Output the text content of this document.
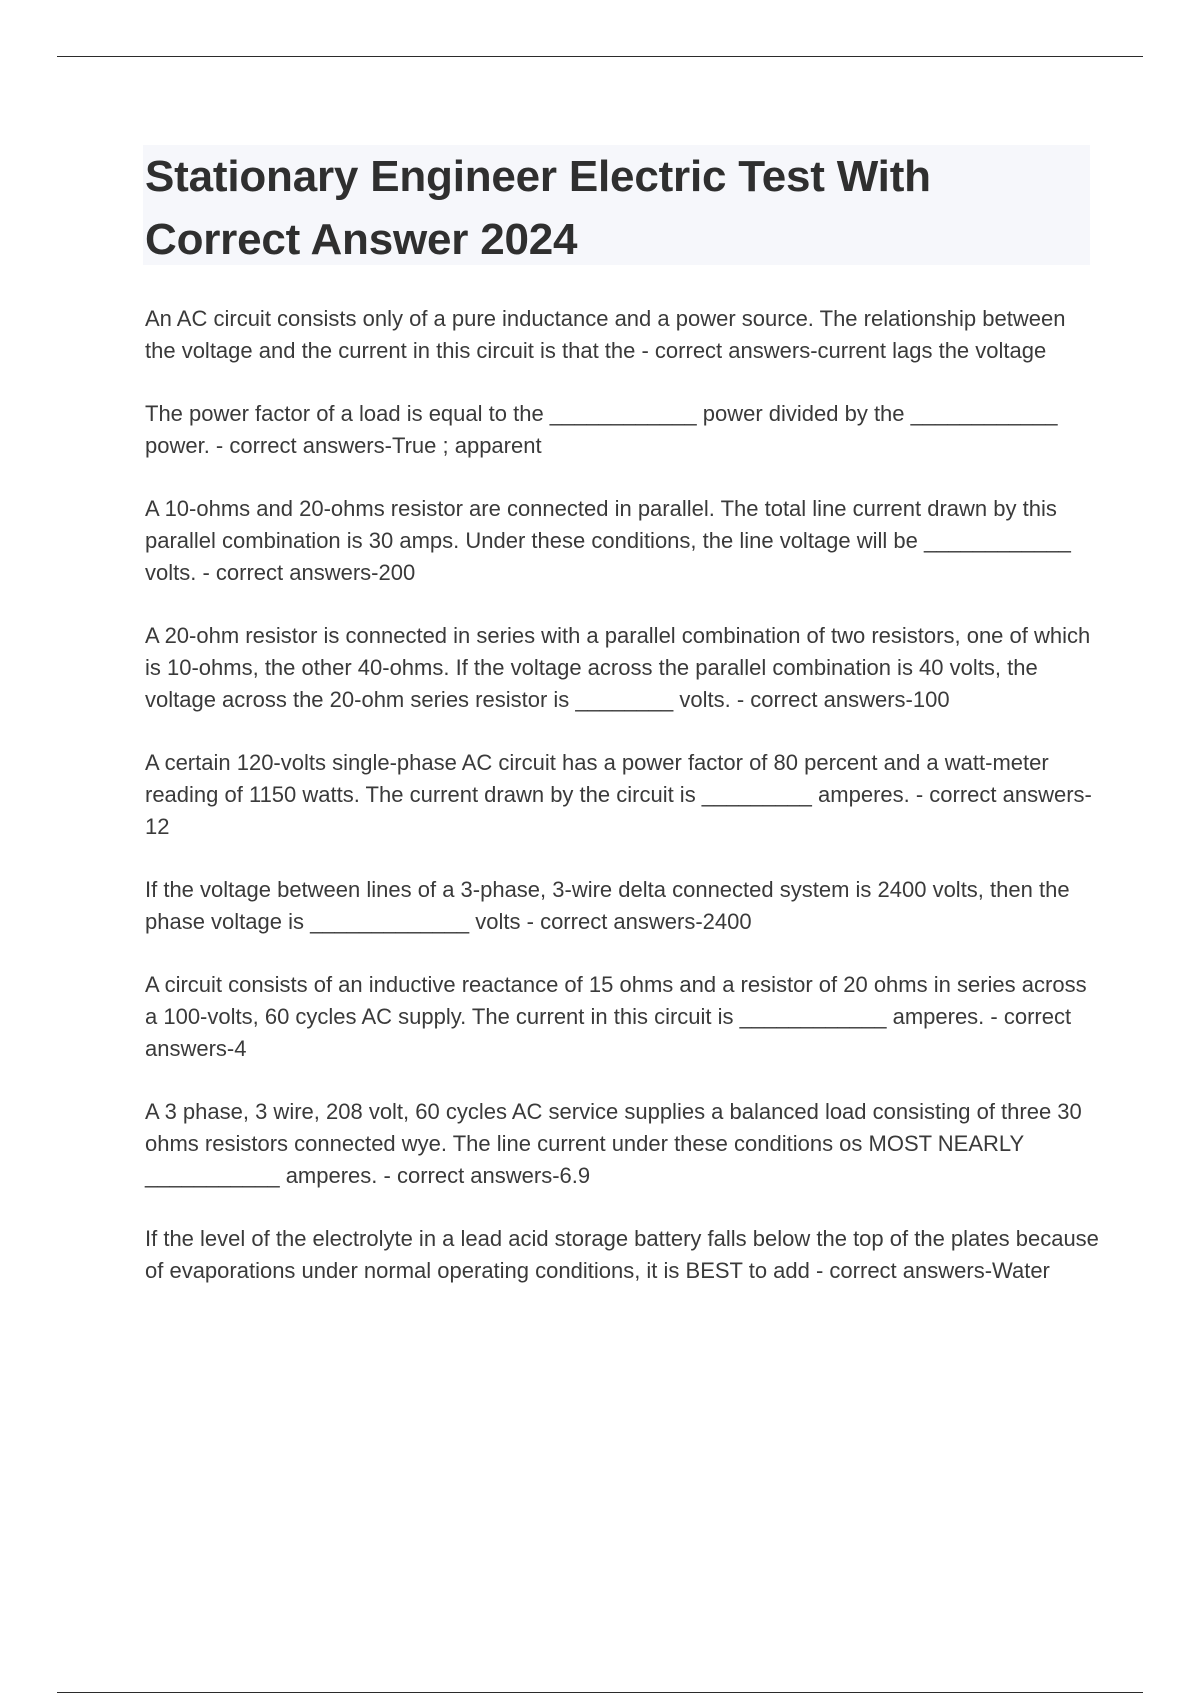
Stationary Engineer Electric Test With Correct Answer 2024

An AC circuit consists only of a pure inductance and a power source. The relationship between the voltage and the current in this circuit is that the - correct answers-current lags the voltage

The power factor of a load is equal to the ____________ power divided by the ____________ power. - correct answers-True ; apparent

A 10-ohms and 20-ohms resistor are connected in parallel. The total line current drawn by this parallel combination is 30 amps. Under these conditions, the line voltage will be ____________ volts. - correct answers-200

A 20-ohm resistor is connected in series with a parallel combination of two resistors, one of which is 10-ohms, the other 40-ohms. If the voltage across the parallel combination is 40 volts, the voltage across the 20-ohm series resistor is ________ volts. - correct answers-100

A certain 120-volts single-phase AC circuit has a power factor of 80 percent and a watt-meter reading of 1150 watts. The current drawn by the circuit is _________ amperes. - correct answers-12

If the voltage between lines of a 3-phase, 3-wire delta connected system is 2400 volts, then the phase voltage is _____________ volts - correct answers-2400

A circuit consists of an inductive reactance of 15 ohms and a resistor of 20 ohms in series across a 100-volts, 60 cycles AC supply. The current in this circuit is ____________ amperes. - correct answers-4

A 3 phase, 3 wire, 208 volt, 60 cycles AC service supplies a balanced load consisting of three 30 ohms resistors connected wye. The line current under these conditions os MOST NEARLY ___________ amperes. - correct answers-6.9

If the level of the electrolyte in a lead acid storage battery falls below the top of the plates because of evaporations under normal operating conditions, it is BEST to add - correct answers-Water
